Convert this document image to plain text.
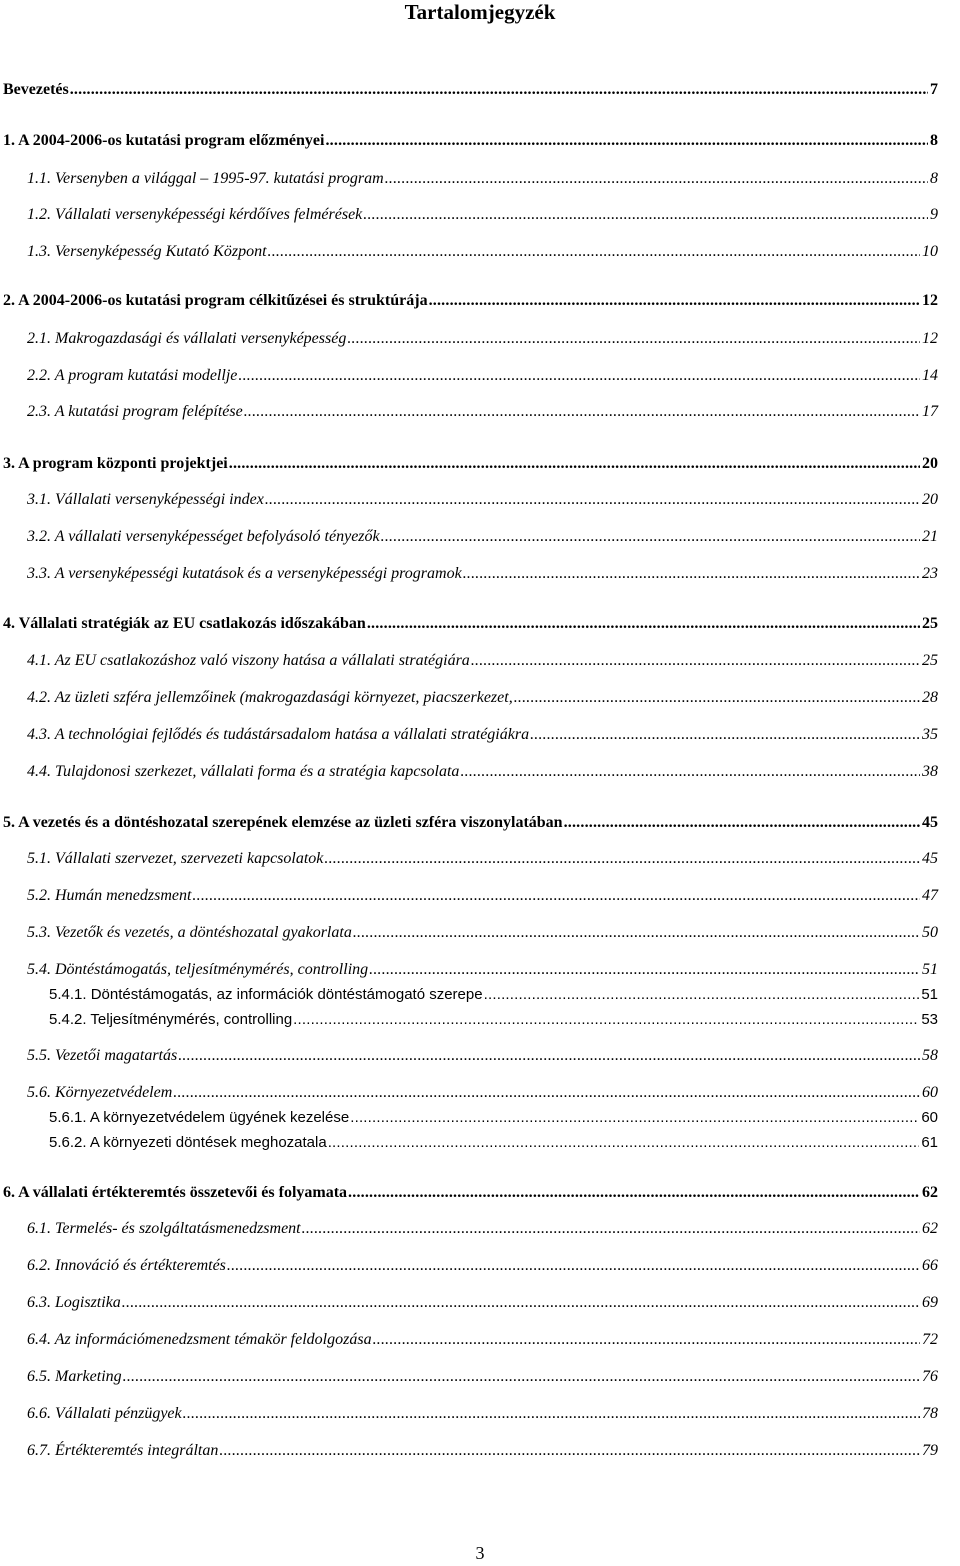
Tartalomjegyzék
Bevezetés .....	7
1. A 2004-2006-os kutatási program előzményei .....	8
1.1. Versenyben a világgal – 1995-97. kutatási program .....	8
1.2. Vállalati versenyképességi kérdőíves felmérések .....	9
1.3. Versenyképesség Kutató Központ .....	10
2. A 2004-2006-os kutatási program célkitűzései és struktúrája .....	12
2.1. Makrogazdasági és vállalati versenyképesség .....	12
2.2. A program kutatási modellje .....	14
2.3. A kutatási program felépítése .....	17
3. A program központi projektjei .....	20
3.1. Vállalati versenyképességi index .....	20
3.2. A vállalati versenyképességet befolyásoló tényezők .....	21
3.3. A versenyképességi kutatások és a versenyképességi programok .....	23
4. Vállalati stratégiák az EU csatlakozás időszakában .....	25
4.1. Az EU csatlakozáshoz való viszony hatása a vállalati stratégiára .....	25
4.2. Az üzleti szféra jellemzőinek (makrogazdasági környezet, piacszerkezet, .....	28
4.3. A technológiai fejlődés és tudástársadalom hatása a vállalati stratégiákra .....	35
4.4. Tulajdonosi szerkezet, vállalati forma és a stratégia kapcsolata .....	38
5. A vezetés és a döntéshozatal szerepének elemzése az üzleti szféra viszonylatában .....	45
5.1. Vállalati szervezet, szervezeti kapcsolatok .....	45
5.2. Humán menedzsment .....	47
5.3. Vezetők és vezetés, a döntéshozatal gyakorlata .....	50
5.4. Döntéstámogatás, teljesítménymérés, controlling .....	51
5.4.1. Döntéstámogatás, az információk döntéstámogató szerepe .....	51
5.4.2. Teljesítménymérés, controlling .....	53
5.5. Vezetői magatartás .....	58
5.6. Környezetvédelem .....	60
5.6.1. A környezetvédelem ügyének kezelése .....	60
5.6.2. A környezeti döntések meghozatala .....	61
6. A vállalati értékteremtés összetevői és folyamata .....	62
6.1. Termelés- és szolgáltatásmenedzsment .....	62
6.2. Innováció és értékteremtés .....	66
6.3. Logisztika .....	69
6.4. Az információmenedzsment témakör feldolgozása .....	72
6.5. Marketing .....	76
6.6. Vállalati pénzügyek .....	78
6.7. Értékteremtés integráltan .....	79
3
